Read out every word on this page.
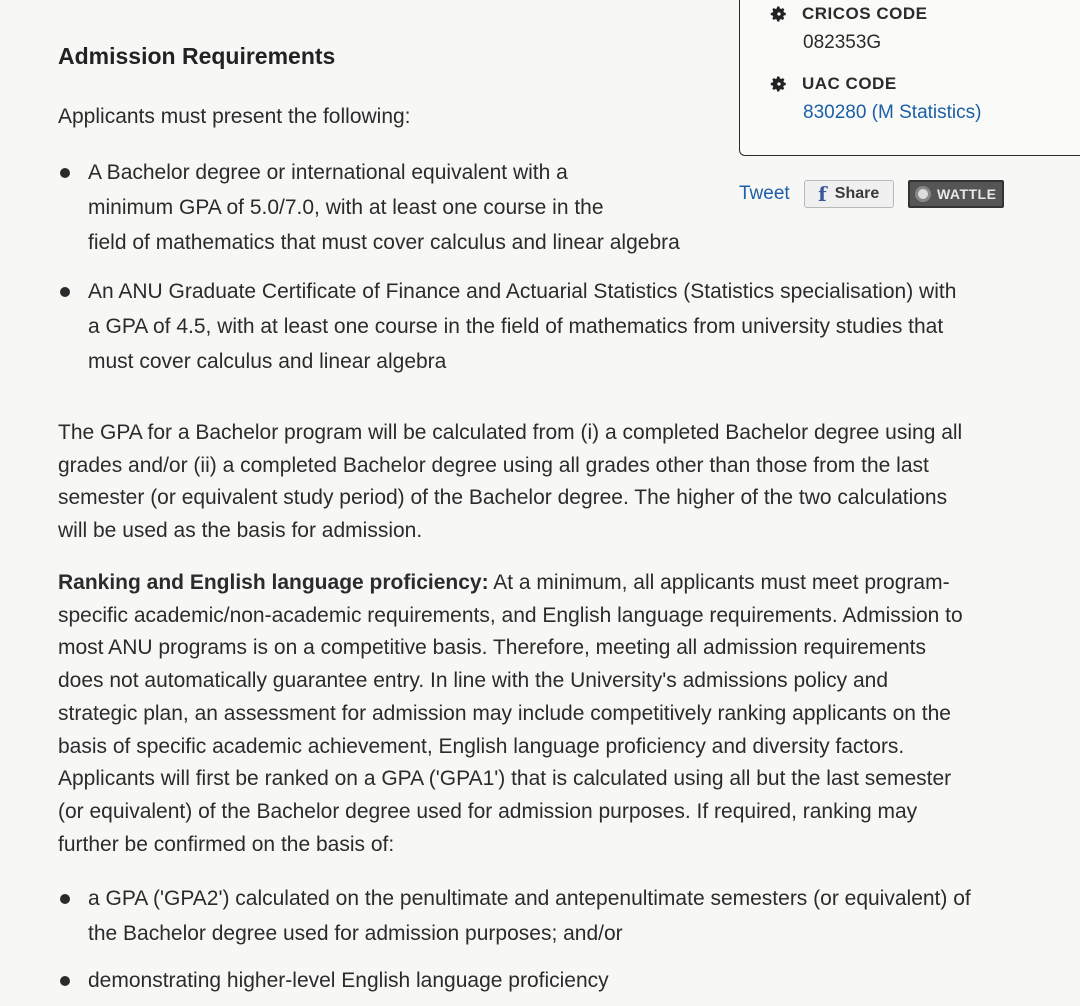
CRICOS CODE
082353G
UAC CODE
830280 (M Statistics)
Tweet f Share	WATTLE
Admission Requirements
Applicants must present the following:
A Bachelor degree or international equivalent with a
minimum GPA of 5.0/7.0, with at least one course in the
field of mathematics that must cover calculus and linear algebra
An ANU Graduate Certificate of Finance and Actuarial Statistics (Statistics specialisation) with
a GPA of 4.5, with at least one course in the field of mathematics from university studies that
must cover calculus and linear algebra
The GPA for a Bachelor program will be calculated from (i) a completed Bachelor degree using all
grades and/or (ii) a completed Bachelor degree using all grades other than those from the last
semester (or equivalent study period) of the Bachelor degree. The higher of the two calculations
will be used as the basis for admission.
Ranking and English language proficiency: At a minimum, all applicants must meet program-
specific academic/non-academic requirements, and English language requirements. Admission to
most ANU programs is on a competitive basis. Therefore, meeting all admission requirements
does not automatically guarantee entry. In line with the University's admissions policy and
strategic plan, an assessment for admission may include competitively ranking applicants on the
basis of specific academic achievement, English language proficiency and diversity factors.
Applicants will first be ranked on a GPA ('GPA1') that is calculated using all but the last semester
(or equivalent) of the Bachelor degree used for admission purposes. If required, ranking may
further be confirmed on the basis of:
a GPA ('GPA2') calculated on the penultimate and antepenultimate semesters (or equivalent) of
the Bachelor degree used for admission purposes; and/or
demonstrating higher-level English language proficiency
